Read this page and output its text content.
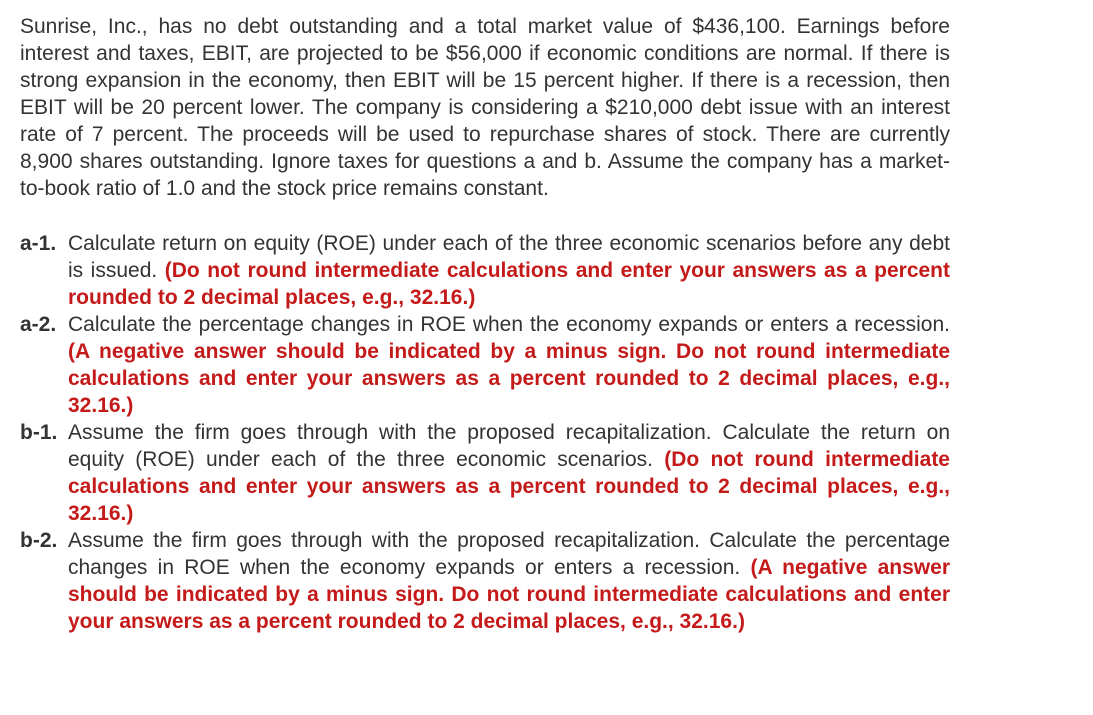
Sunrise, Inc., has no debt outstanding and a total market value of $436,100. Earnings before interest and taxes, EBIT, are projected to be $56,000 if economic conditions are normal. If there is strong expansion in the economy, then EBIT will be 15 percent higher. If there is a recession, then EBIT will be 20 percent lower. The company is considering a $210,000 debt issue with an interest rate of 7 percent. The proceeds will be used to repurchase shares of stock. There are currently 8,900 shares outstanding. Ignore taxes for questions a and b. Assume the company has a market-to-book ratio of 1.0 and the stock price remains constant.

a-1. Calculate return on equity (ROE) under each of the three economic scenarios before any debt is issued. (Do not round intermediate calculations and enter your answers as a percent rounded to 2 decimal places, e.g., 32.16.)
a-2. Calculate the percentage changes in ROE when the economy expands or enters a recession. (A negative answer should be indicated by a minus sign. Do not round intermediate calculations and enter your answers as a percent rounded to 2 decimal places, e.g., 32.16.)
b-1. Assume the firm goes through with the proposed recapitalization. Calculate the return on equity (ROE) under each of the three economic scenarios. (Do not round intermediate calculations and enter your answers as a percent rounded to 2 decimal places, e.g., 32.16.)
b-2. Assume the firm goes through with the proposed recapitalization. Calculate the percentage changes in ROE when the economy expands or enters a recession. (A negative answer should be indicated by a minus sign. Do not round intermediate calculations and enter your answers as a percent rounded to 2 decimal places, e.g., 32.16.)
